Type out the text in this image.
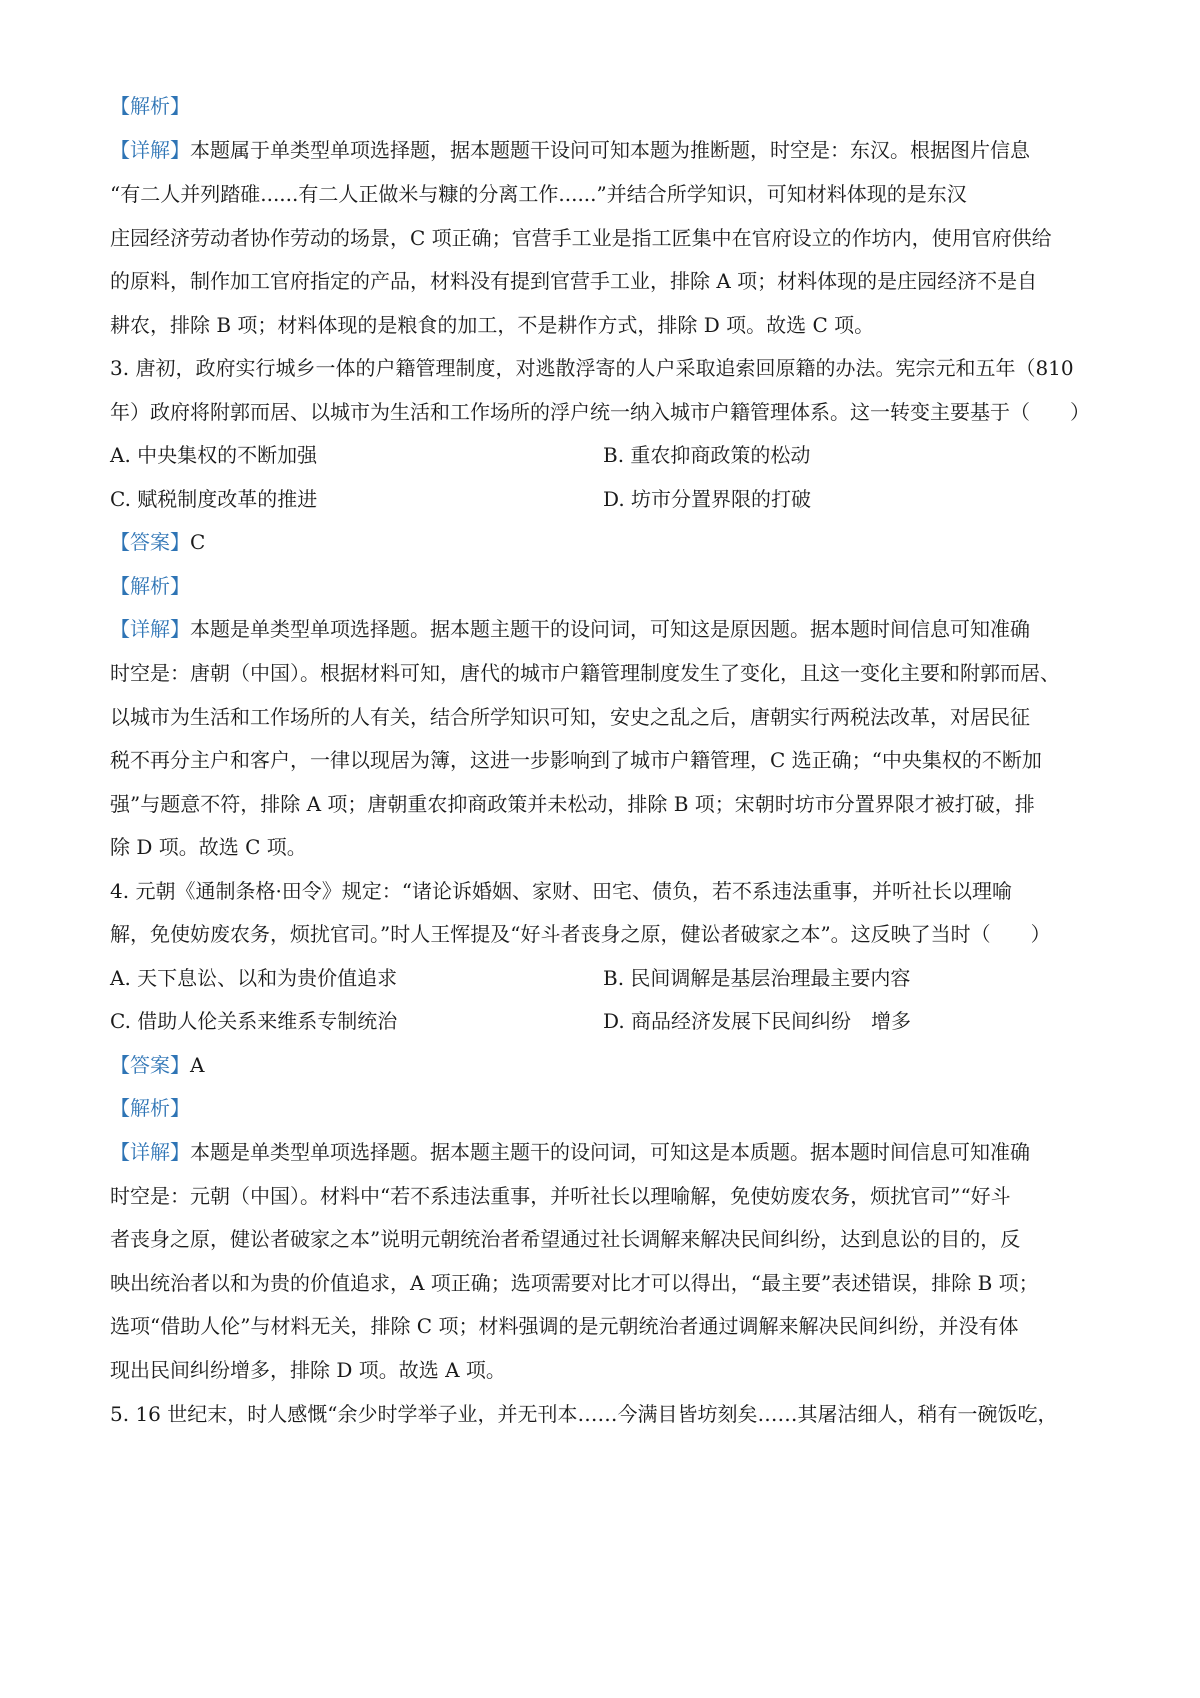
【解析】
【详解】本题属于单类型单项选择题，据本题题干设问可知本题为推断题，时空是：东汉。根据图片信息
“有二人并列踏碓......有二人正做米与糠的分离工作......”并结合所学知识，可知材料体现的是东汉
庄园经济劳动者协作劳动的场景，C 项正确；官营手工业是指工匠集中在官府设立的作坊内，使用官府供给
的原料，制作加工官府指定的产品，材料没有提到官营手工业，排除 A 项；材料体现的是庄园经济不是自
耕农，排除 B 项；材料体现的是粮食的加工，不是耕作方式，排除 D 项。故选 C 项。
3. 唐初，政府实行城乡一体的户籍管理制度，对逃散浮寄的人户采取追索回原籍的办法。宪宗元和五年（810
年）政府将附郭而居、以城市为生活和工作场所的浮户统一纳入城市户籍管理体系。这一转变主要基于（　　）
A. 中央集权的不断加强	B. 重农抑商政策的松动
C. 赋税制度改革的推进	D. 坊市分置界限的打破
【答案】C
【解析】
【详解】本题是单类型单项选择题。据本题主题干的设问词，可知这是原因题。据本题时间信息可知准确
时空是：唐朝（中国）。根据材料可知，唐代的城市户籍管理制度发生了变化，且这一变化主要和附郭而居、
以城市为生活和工作场所的人有关，结合所学知识可知，安史之乱之后，唐朝实行两税法改革，对居民征
税不再分主户和客户，一律以现居为簿，这进一步影响到了城市户籍管理，C 选正确；“中央集权的不断加
强”与题意不符，排除 A 项；唐朝重农抑商政策并未松动，排除 B 项；宋朝时坊市分置界限才被打破，排
除 D 项。故选 C 项。
4. 元朝《通制条格·田令》规定：“诸论诉婚姻、家财、田宅、债负，若不系违法重事，并听社长以理喻
解，免使妨废农务，烦扰官司。”时人王恽提及“好斗者丧身之原，健讼者破家之本”。这反映了当时（　　）
A. 天下息讼、以和为贵价值追求	B. 民间调解是基层治理最主要内容
C. 借助人伦关系来维系专制统治	D. 商品经济发展下民间纠纷　增多
【答案】A
【解析】
【详解】本题是单类型单项选择题。据本题主题干的设问词，可知这是本质题。据本题时间信息可知准确
时空是：元朝（中国）。材料中“若不系违法重事，并听社长以理喻解，免使妨废农务，烦扰官司”“好斗
者丧身之原，健讼者破家之本”说明元朝统治者希望通过社长调解来解决民间纠纷，达到息讼的目的，反
映出统治者以和为贵的价值追求，A 项正确；选项需要对比才可以得出，“最主要”表述错误，排除 B 项；
选项“借助人伦”与材料无关，排除 C 项；材料强调的是元朝统治者通过调解来解决民间纠纷，并没有体
现出民间纠纷增多，排除 D 项。故选 A 项。
5. 16 世纪末，时人感慨“余少时学举子业，并无刊本……今满目皆坊刻矣……其屠沽细人，稍有一碗饭吃，
